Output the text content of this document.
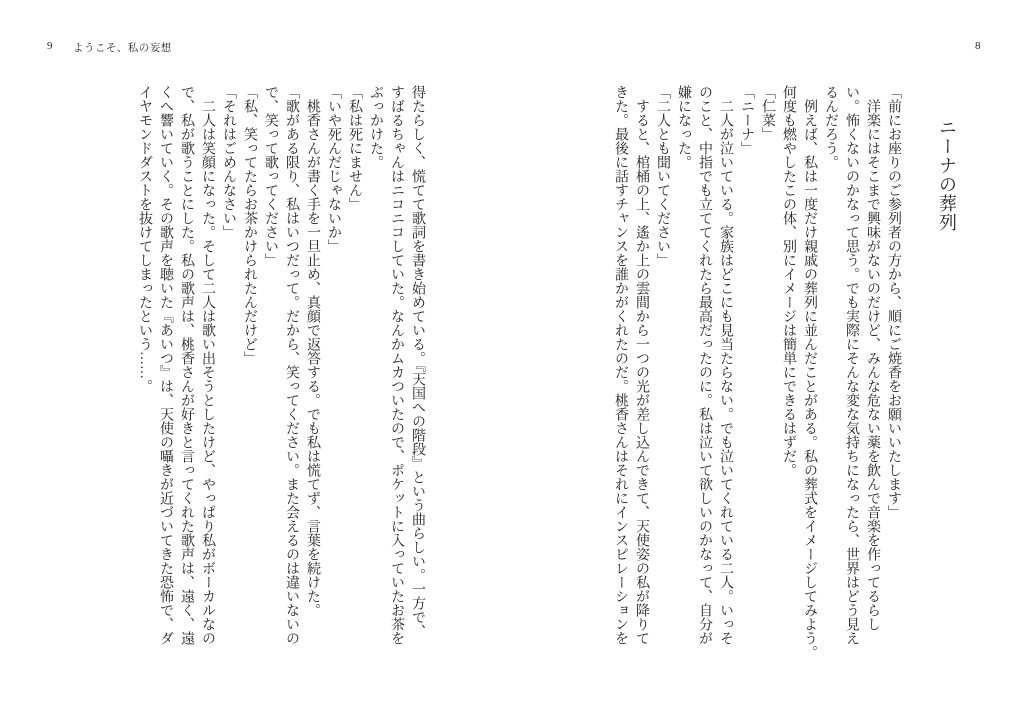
9 ようこそ、私の妄想	8
ニーナの葬列

「前にお座りのご参列者の方から、順にご焼香をお願いいたします」

　洋楽にはそこまで興味がないのだけど、みんな危ない薬を飲んで音楽を作ってるらし

い。怖くないのかなって思う。でも実際にそんな変な気持ちになったら、世界はどう見え

るんだろう。

　例えば、私は一度だけ親戚の葬列に並んだことがある。私の葬式をイメージしてみよう。

何度も燃やしたこの体、別にイメージは簡単にできるはずだ。

「仁菜」

「ニーナ」

　二人が泣いている。家族はどこにも見当たらない。でも泣いてくれている二人。いっそ

のこと、中指でも立ててくれたら最高だったのに。私は泣いて欲しいのかなって、自分が

嫌になった。

「二人とも聞いてください」

　すると、棺桶の上、遙か上の雲間から一つの光が差し込んできて、天使姿の私が降りて

きた。最後に話すチャンスを誰かがくれたのだ。桃香さんはそれにインスピレーションを

得たらしく、慌てて歌詞を書き始めている。『天国への階段』という曲らしい。一方で、

すばるちゃんはニコニコしていた。なんかムカついたので、ポケットに入っていたお茶を

ぶっかけた。

「私は死にません」

「いや死んだじゃないか」

　桃香さんが書く手を一旦止め、真顔で返答する。でも私は慌てず、言葉を続けた。

「歌がある限り、私はいつだって。だから、笑ってください。また会えるのは違いないの

で、笑って歌ってください」

「私、笑ってたらお茶かけられたんだけど」

「それはごめんなさい」

　二人は笑顔になった。そして二人は歌い出そうとしたけど、やっぱり私がボーカルなの

で、私が歌うことにした。私の歌声は、桃香さんが好きと言ってくれた歌声は、遠く、遠

くへ響いていく。その歌声を聴いた『あいつ』は、天使の囁きが近づいてきた恐怖で、ダ

イヤモンドダストを抜けてしまったという……。
